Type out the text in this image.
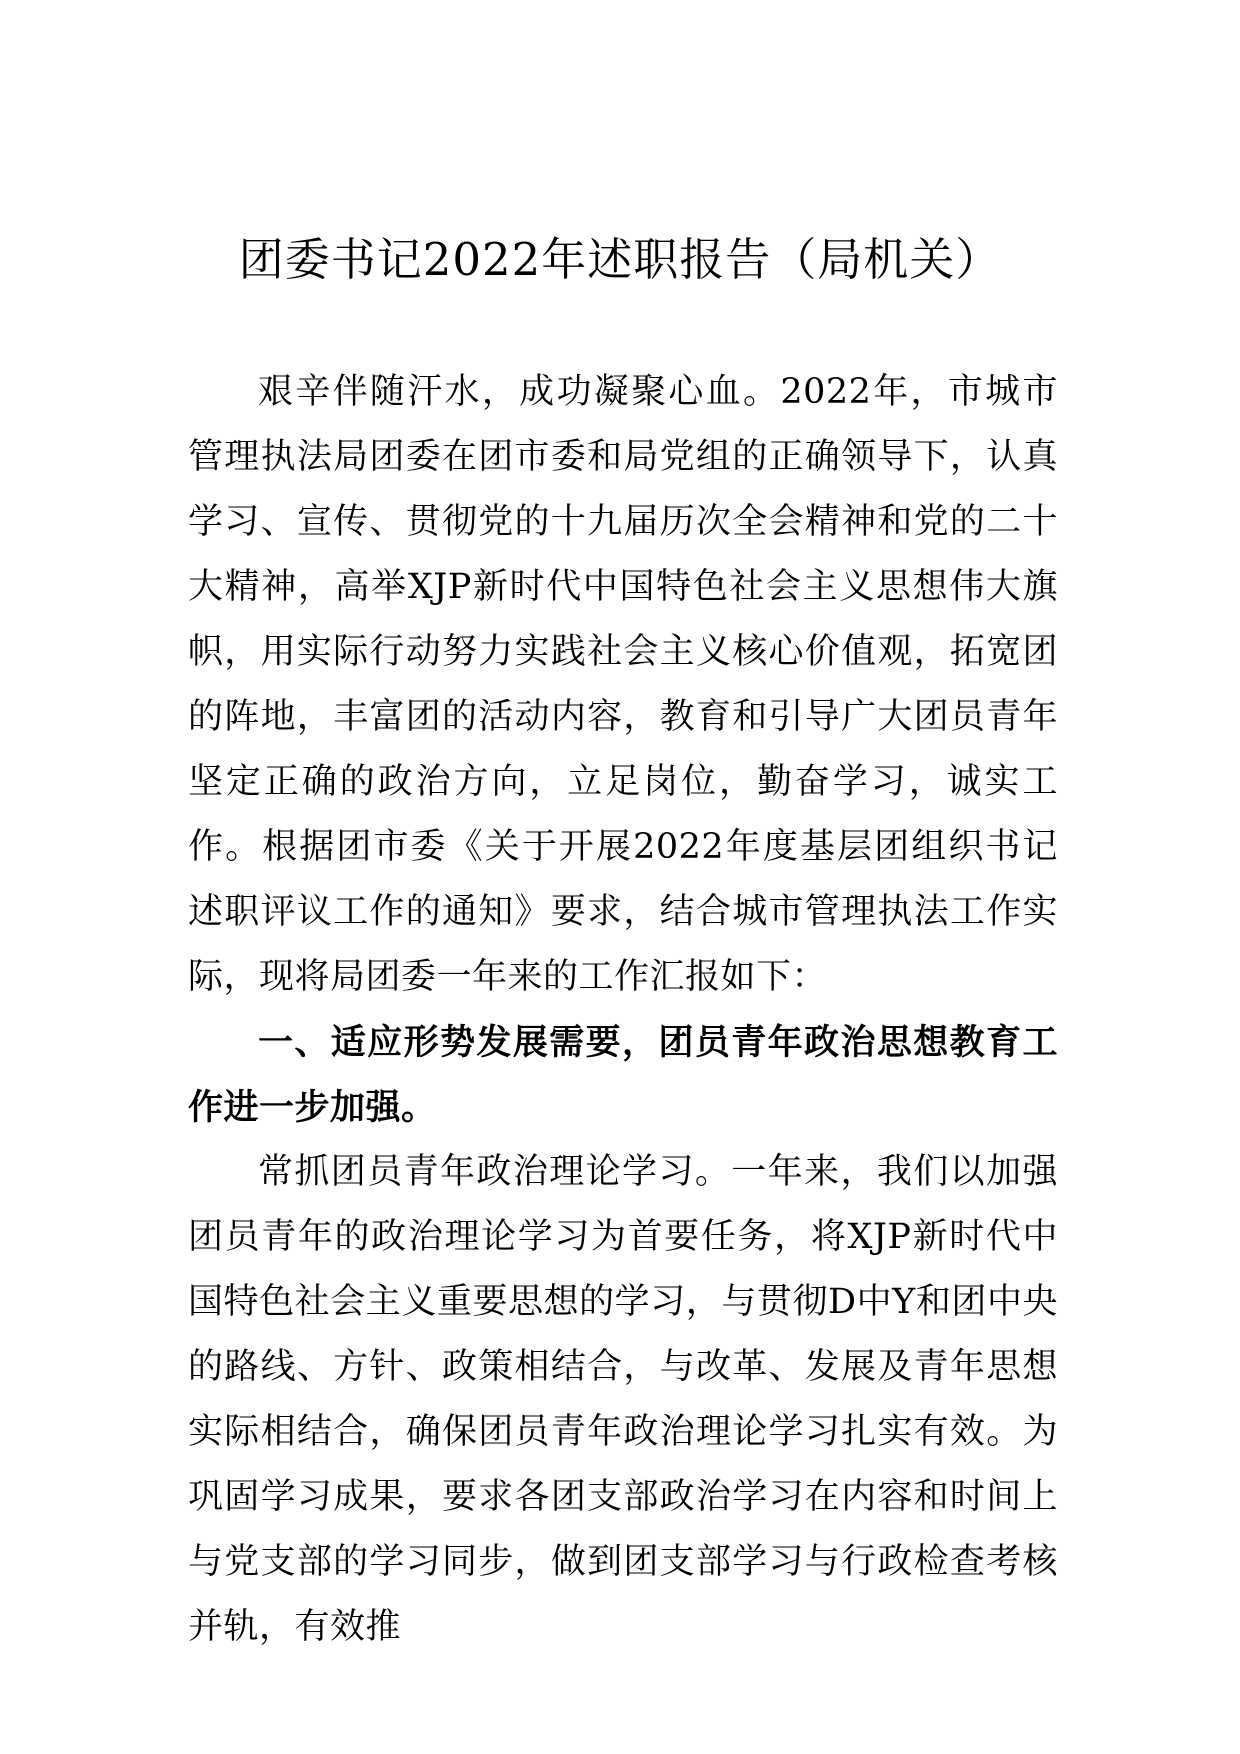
团委书记2022年述职报告（局机关）

艰辛伴随汗水，成功凝聚心血。2022年，市城市管理执法局团委在团市委和局党组的正确领导下，认真学习、宣传、贯彻党的十九届历次全会精神和党的二十大精神，高举XJP新时代中国特色社会主义思想伟大旗帜，用实际行动努力实践社会主义核心价值观，拓宽团的阵地，丰富团的活动内容，教育和引导广大团员青年坚定正确的政治方向，立足岗位，勤奋学习，诚实工作。根据团市委《关于开展2022年度基层团组织书记述职评议工作的通知》要求，结合城市管理执法工作实际，现将局团委一年来的工作汇报如下：

一、适应形势发展需要，团员青年政治思想教育工作进一步加强。

常抓团员青年政治理论学习。一年来，我们以加强团员青年的政治理论学习为首要任务，将XJP新时代中国特色社会主义重要思想的学习，与贯彻D中Y和团中央的路线、方针、政策相结合，与改革、发展及青年思想实际相结合，确保团员青年政治理论学习扎实有效。为巩固学习成果，要求各团支部政治学习在内容和时间上与党支部的学习同步，做到团支部学习与行政检查考核并轨，有效推
